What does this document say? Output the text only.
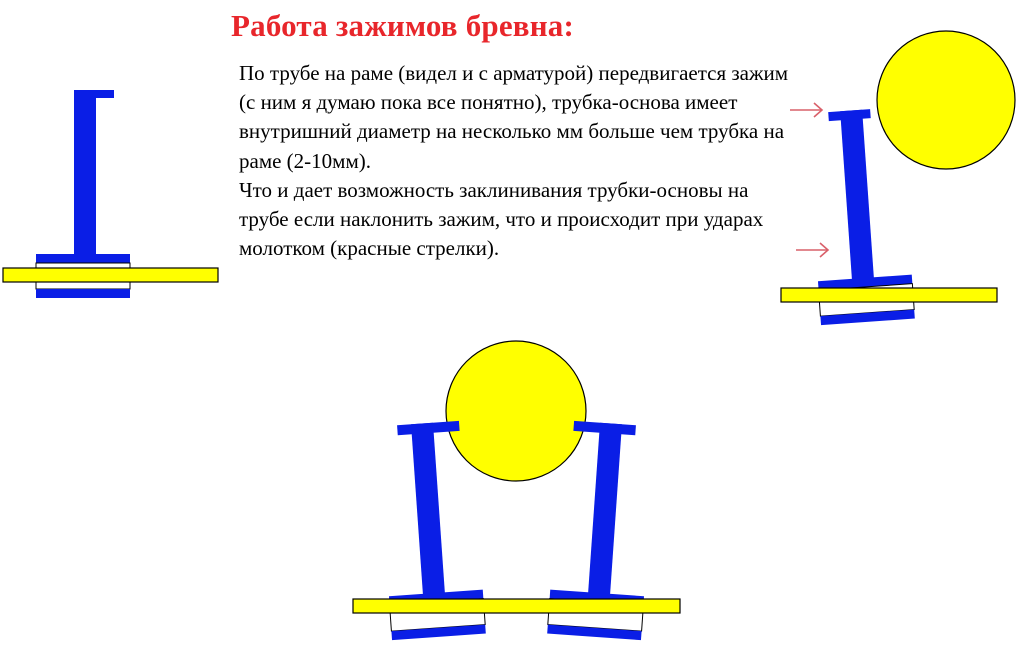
Работа зажимов бревна:

По трубе на раме (видел и с арматурой) передвигается зажим (с ним я думаю пока все понятно), трубка-основа имеет внутришний диаметр на несколько мм больше чем трубка на раме (2-10мм).

Что и дает возможность заклинивания трубки-основы на трубе если наклонить зажим, что и происходит при ударах молотком (красные стрелки).
